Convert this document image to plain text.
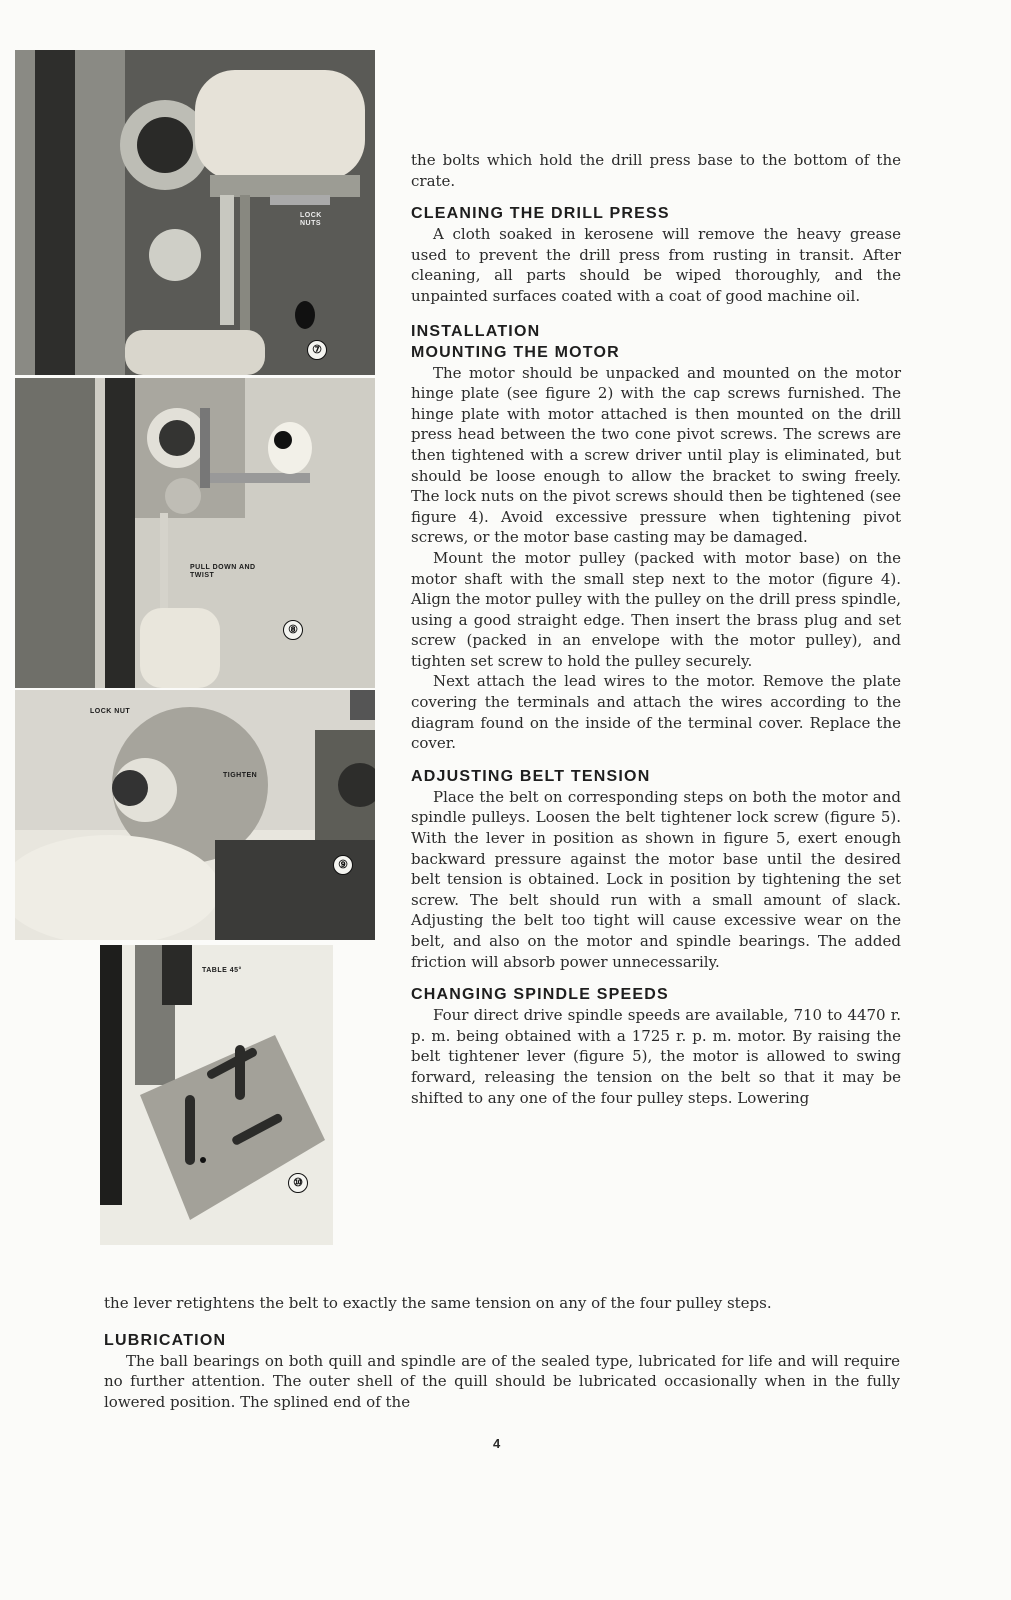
LOCK NUTS
⑦
PULL DOWN AND TWIST
⑧
LOCK NUT
TIGHTEN
⑨
TABLE 45°
⑩

the bolts which hold the drill press base to the bottom of the crate.

CLEANING THE DRILL PRESS

A cloth soaked in kerosene will remove the heavy grease used to prevent the drill press from rusting in transit. After cleaning, all parts should be wiped thoroughly, and the unpainted surfaces coated with a coat of good machine oil.

INSTALLATION
MOUNTING THE MOTOR

The motor should be unpacked and mounted on the motor hinge plate (see figure 2) with the cap screws furnished. The hinge plate with motor attached is then mounted on the drill press head between the two cone pivot screws. The screws are then tightened with a screw driver until play is eliminated, but should be loose enough to allow the bracket to swing freely. The lock nuts on the pivot screws should then be tightened (see figure 4). Avoid excessive pressure when tightening pivot screws, or the motor base casting may be damaged.

Mount the motor pulley (packed with motor base) on the motor shaft with the small step next to the motor (figure 4). Align the motor pulley with the pulley on the drill press spindle, using a good straight edge. Then insert the brass plug and set screw (packed in an envelope with the motor pulley), and tighten set screw to hold the pulley securely.

Next attach the lead wires to the motor. Remove the plate covering the terminals and attach the wires according to the diagram found on the inside of the terminal cover. Replace the cover.

ADJUSTING BELT TENSION

Place the belt on corresponding steps on both the motor and spindle pulleys. Loosen the belt tightener lock screw (figure 5). With the lever in position as shown in figure 5, exert enough backward pressure against the motor base until the desired belt tension is obtained. Lock in position by tightening the set screw. The belt should run with a small amount of slack. Adjusting the belt too tight will cause excessive wear on the belt, and also on the motor and spindle bearings. The added friction will absorb power unnecessarily.

CHANGING SPINDLE SPEEDS

Four direct drive spindle speeds are available, 710 to 4470 r. p. m. being obtained with a 1725 r. p. m. motor. By raising the belt tightener lever (figure 5), the motor is allowed to swing forward, releasing the tension on the belt so that it may be shifted to any one of the four pulley steps. Lowering

the lever retightens the belt to exactly the same tension on any of the four pulley steps.

LUBRICATION

The ball bearings on both quill and spindle are of the sealed type, lubricated for life and will require no further attention. The outer shell of the quill should be lubricated occasionally when in the fully lowered position. The splined end of the

4
